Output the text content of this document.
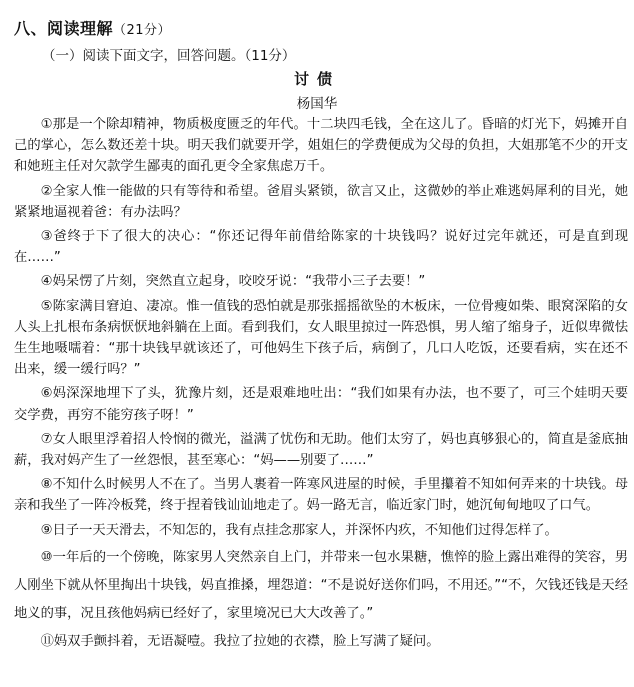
八、阅读理解（21分）
（一）阅读下面文字，回答问题。（11分）
讨债
杨国华

①那是一个除却精神，物质极度匮乏的年代。十二块四毛钱，全在这儿了。昏暗的灯光下，妈摊开自己的掌心，怎么数还差十块。明天我们就要开学，姐姐仨的学费便成为父母的负担，大姐那笔不少的开支和她班主任对欠款学生鄙夷的面孔更令全家焦虑万千。

②全家人惟一能做的只有等待和希望。爸眉头紧锁，欲言又止，这微妙的举止难逃妈犀利的目光，她紧紧地逼视着爸：有办法吗？

③爸终于下了很大的决心：“你还记得年前借给陈家的十块钱吗？说好过完年就还，可是直到现在……”

④妈呆愣了片刻，突然直立起身，咬咬牙说：“我带小三子去要！”

⑤陈家满目窘迫、凄凉。惟一值钱的恐怕就是那张摇摇欲坠的木板床，一位骨瘦如柴、眼窝深陷的女人头上扎根布条病恹恹地斜躺在上面。看到我们，女人眼里掠过一阵恐惧，男人缩了缩身子，近似卑微怯生生地嗫嚅着：“那十块钱早就该还了，可他妈生下孩子后，病倒了，几口人吃饭，还要看病，实在还不出来，缓一缓行吗？”

⑥妈深深地埋下了头，犹豫片刻，还是艰难地吐出：“我们如果有办法，也不要了，可三个娃明天要交学费，再穷不能穷孩子呀！”

⑦女人眼里浮着招人怜悯的微光，溢满了忧伤和无助。他们太穷了，妈也真够狠心的，简直是釜底抽薪，我对妈产生了一丝怨恨，甚至寒心：“妈——别要了……”

⑧不知什么时候男人不在了。当男人裹着一阵寒风进屋的时候，手里攥着不知如何弄来的十块钱。母亲和我坐了一阵冷板凳，终于捏着钱讪讪地走了。妈一路无言，临近家门时，她沉甸甸地叹了口气。

⑨日子一天天滑去，不知怎的，我有点挂念那家人，并深怀内疚，不知他们过得怎样了。

⑩一年后的一个傍晚，陈家男人突然亲自上门，并带来一包水果糖，憔悴的脸上露出难得的笑容，男人刚坐下就从怀里掏出十块钱，妈直推搡，埋怨道：“不是说好送你们吗，不用还。”“不，欠钱还钱是天经地义的事，况且孩他妈病已经好了，家里境况已大大改善了。”

⑪妈双手颤抖着，无语凝噎。我拉了拉她的衣襟，脸上写满了疑问。
